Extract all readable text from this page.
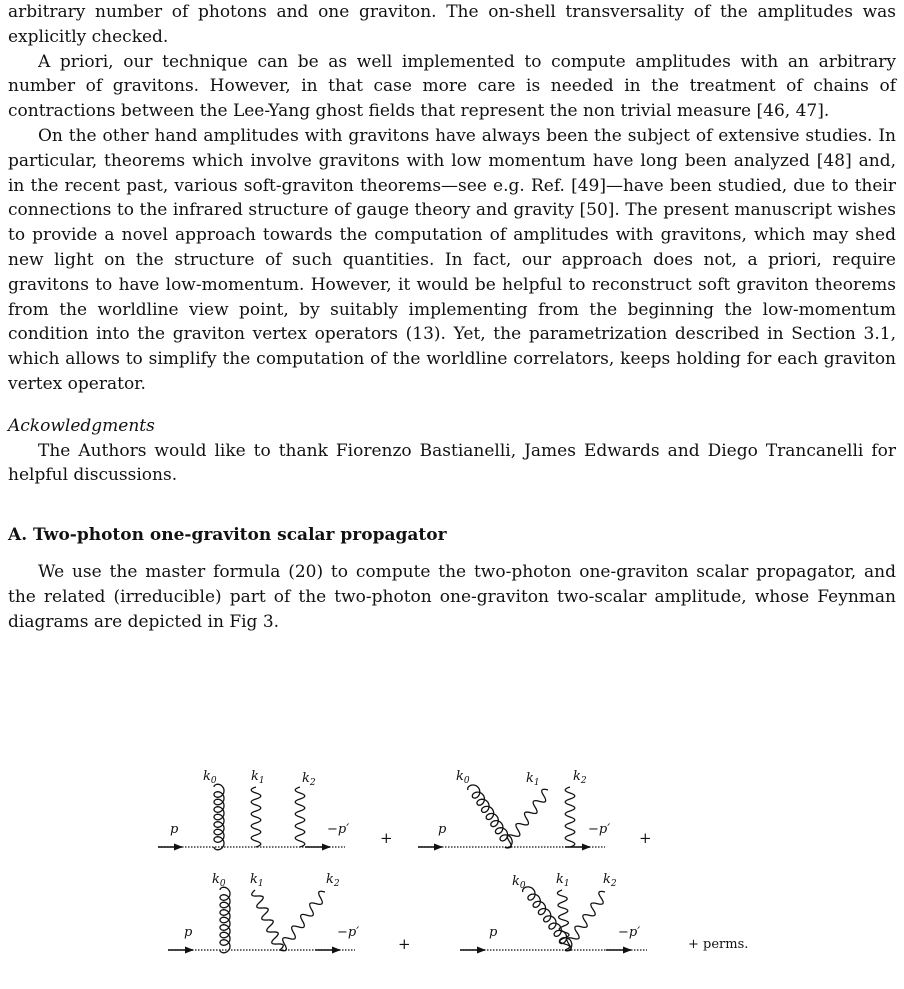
arbitrary number of photons and one graviton. The on-shell transversality of the amplitudes was explicitly checked.

A priori, our technique can be as well implemented to compute amplitudes with an arbitrary number of gravitons. However, in that case more care is needed in the treatment of chains of contractions between the Lee-Yang ghost fields that represent the non trivial measure [46, 47].

On the other hand amplitudes with gravitons have always been the subject of extensive studies. In particular, theorems which involve gravitons with low momentum have long been analyzed [48] and, in the recent past, various soft-graviton theorems—see e.g. Ref. [49]—have been studied, due to their connections to the infrared structure of gauge theory and gravity [50]. The present manuscript wishes to provide a novel approach towards the computation of amplitudes with gravitons, which may shed new light on the structure of such quantities. In fact, our approach does not, a priori, require gravitons to have low-momentum. However, it would be helpful to reconstruct soft graviton theorems from the worldline view point, by suitably implementing from the beginning the low-momentum condition into the graviton vertex operators (13). Yet, the parametrization described in Section 3.1, which allows to simplify the computation of the worldline correlators, keeps holding for each graviton vertex operator.

Ackowledgments

The Authors would like to thank Fiorenzo Bastianelli, James Edwards and Diego Trancanelli for helpful discussions.

A. Two-photon one-graviton scalar propagator

We use the master formula (20) to compute the two-photon one-graviton scalar propagator, and the related (irreducible) part of the two-photon one-graviton two-scalar amplitude, whose Feynman diagrams are depicted in Fig 3.

$k_0$	$k_1$	$k_2$
p	−p′ +
$k_0$	$k_1$	$k_2$
p	−p′ +
$k_0$ $k_1$	$k_2$
p	−p′
+
$k_0$ $k_1$	$k_2$
p	−p′
+ perms.
